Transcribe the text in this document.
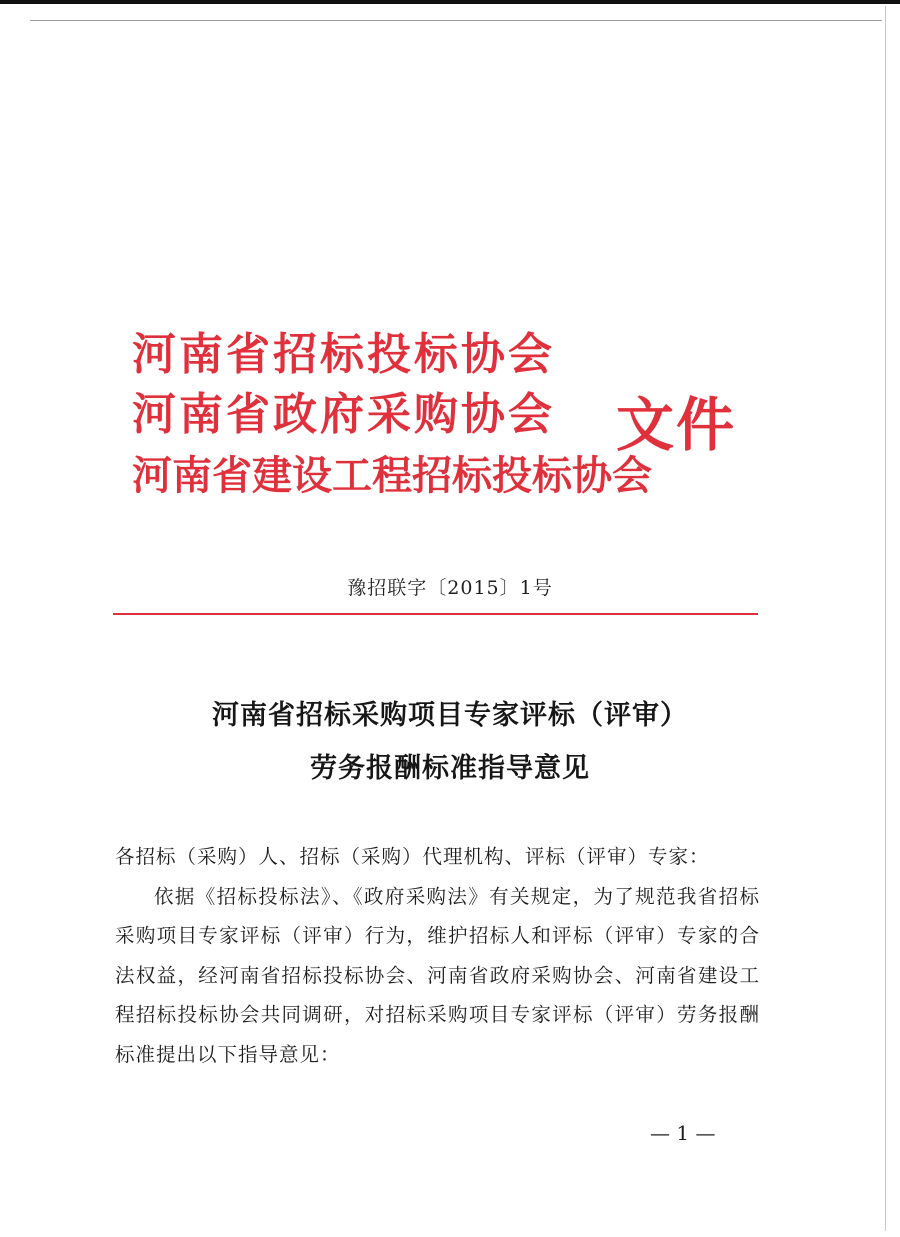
河南省招标投标协会
河南省政府采购协会
河南省建设工程招标投标协会
文件
豫招联字〔2015〕1号
河南省招标采购项目专家评标（评审）
劳务报酬标准指导意见

各招标（采购）人、招标（采购）代理机构、评标（评审）专家：

依据《招标投标法》、《政府采购法》有关规定，为了规范我省招标采购项目专家评标（评审）行为，维护招标人和评标（评审）专家的合法权益，经河南省招标投标协会、河南省政府采购协会、河南省建设工程招标投标协会共同调研，对招标采购项目专家评标（评审）劳务报酬标准提出以下指导意见：

— 1 —
